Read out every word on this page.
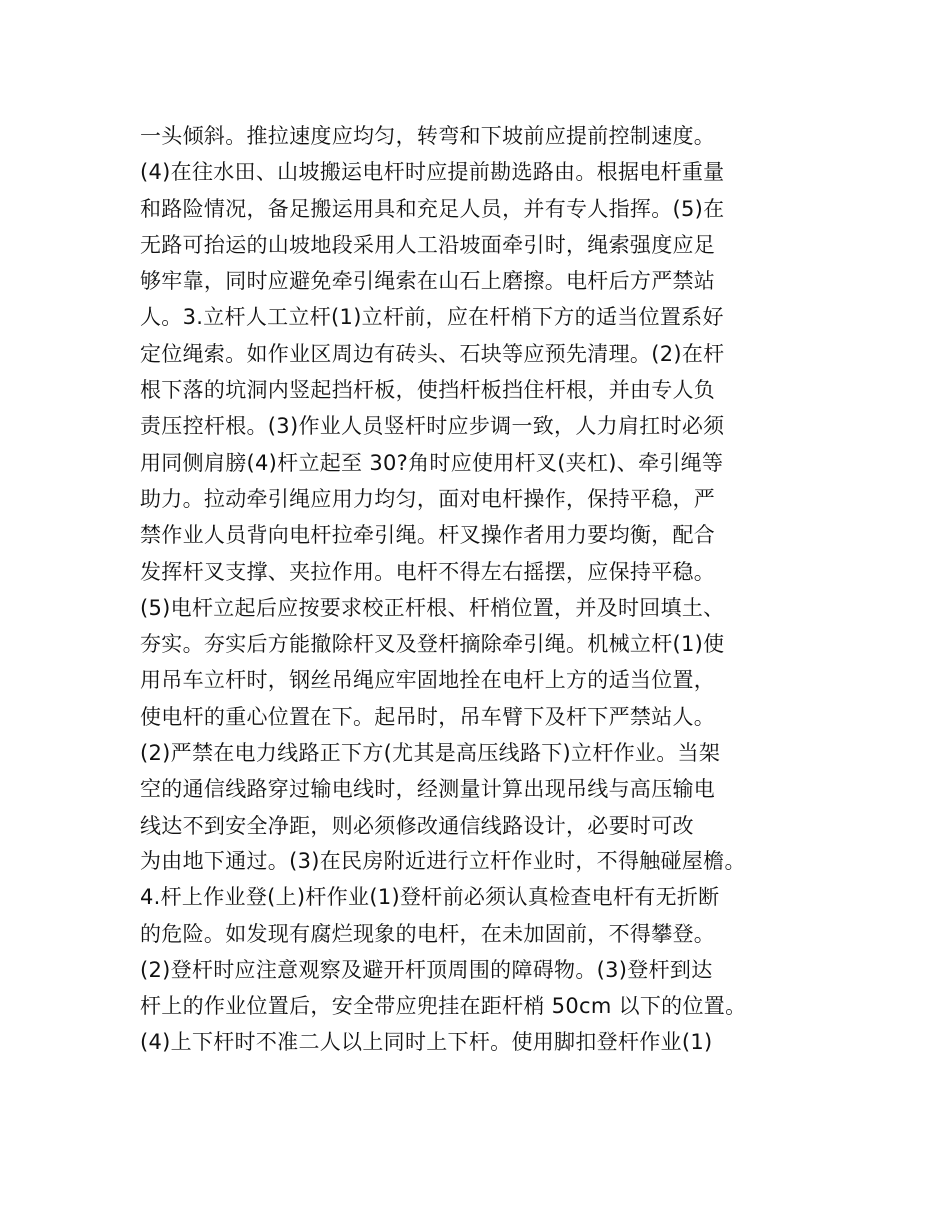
一头倾斜。推拉速度应均匀，转弯和下坡前应提前控制速度。
(4)在往水田、山坡搬运电杆时应提前勘选路由。根据电杆重量
和路险情况，备足搬运用具和充足人员，并有专人指挥。(5)在
无路可抬运的山坡地段采用人工沿坡面牵引时，绳索强度应足
够牢靠，同时应避免牵引绳索在山石上磨擦。电杆后方严禁站
人。3.立杆人工立杆(1)立杆前，应在杆梢下方的适当位置系好
定位绳索。如作业区周边有砖头、石块等应预先清理。(2)在杆
根下落的坑洞内竖起挡杆板，使挡杆板挡住杆根，并由专人负
责压控杆根。(3)作业人员竖杆时应步调一致，人力肩扛时必须
用同侧肩膀(4)杆立起至 30?角时应使用杆叉(夹杠)、牵引绳等
助力。拉动牵引绳应用力均匀，面对电杆操作，保持平稳，严
禁作业人员背向电杆拉牵引绳。杆叉操作者用力要均衡，配合
发挥杆叉支撑、夹拉作用。电杆不得左右摇摆，应保持平稳。
(5)电杆立起后应按要求校正杆根、杆梢位置，并及时回填土、
夯实。夯实后方能撤除杆叉及登杆摘除牵引绳。机械立杆(1)使
用吊车立杆时，钢丝吊绳应牢固地拴在电杆上方的适当位置，
使电杆的重心位置在下。起吊时，吊车臂下及杆下严禁站人。
(2)严禁在电力线路正下方(尤其是高压线路下)立杆作业。当架
空的通信线路穿过输电线时，经测量计算出现吊线与高压输电
线达不到安全净距，则必须修改通信线路设计，必要时可改
为由地下通过。(3)在民房附近进行立杆作业时，不得触碰屋檐。
4.杆上作业登(上)杆作业(1)登杆前必须认真检查电杆有无折断
的危险。如发现有腐烂现象的电杆，在未加固前，不得攀登。
(2)登杆时应注意观察及避开杆顶周围的障碍物。(3)登杆到达
杆上的作业位置后，安全带应兜挂在距杆梢 50cm 以下的位置。
(4)上下杆时不准二人以上同时上下杆。使用脚扣登杆作业(1)
